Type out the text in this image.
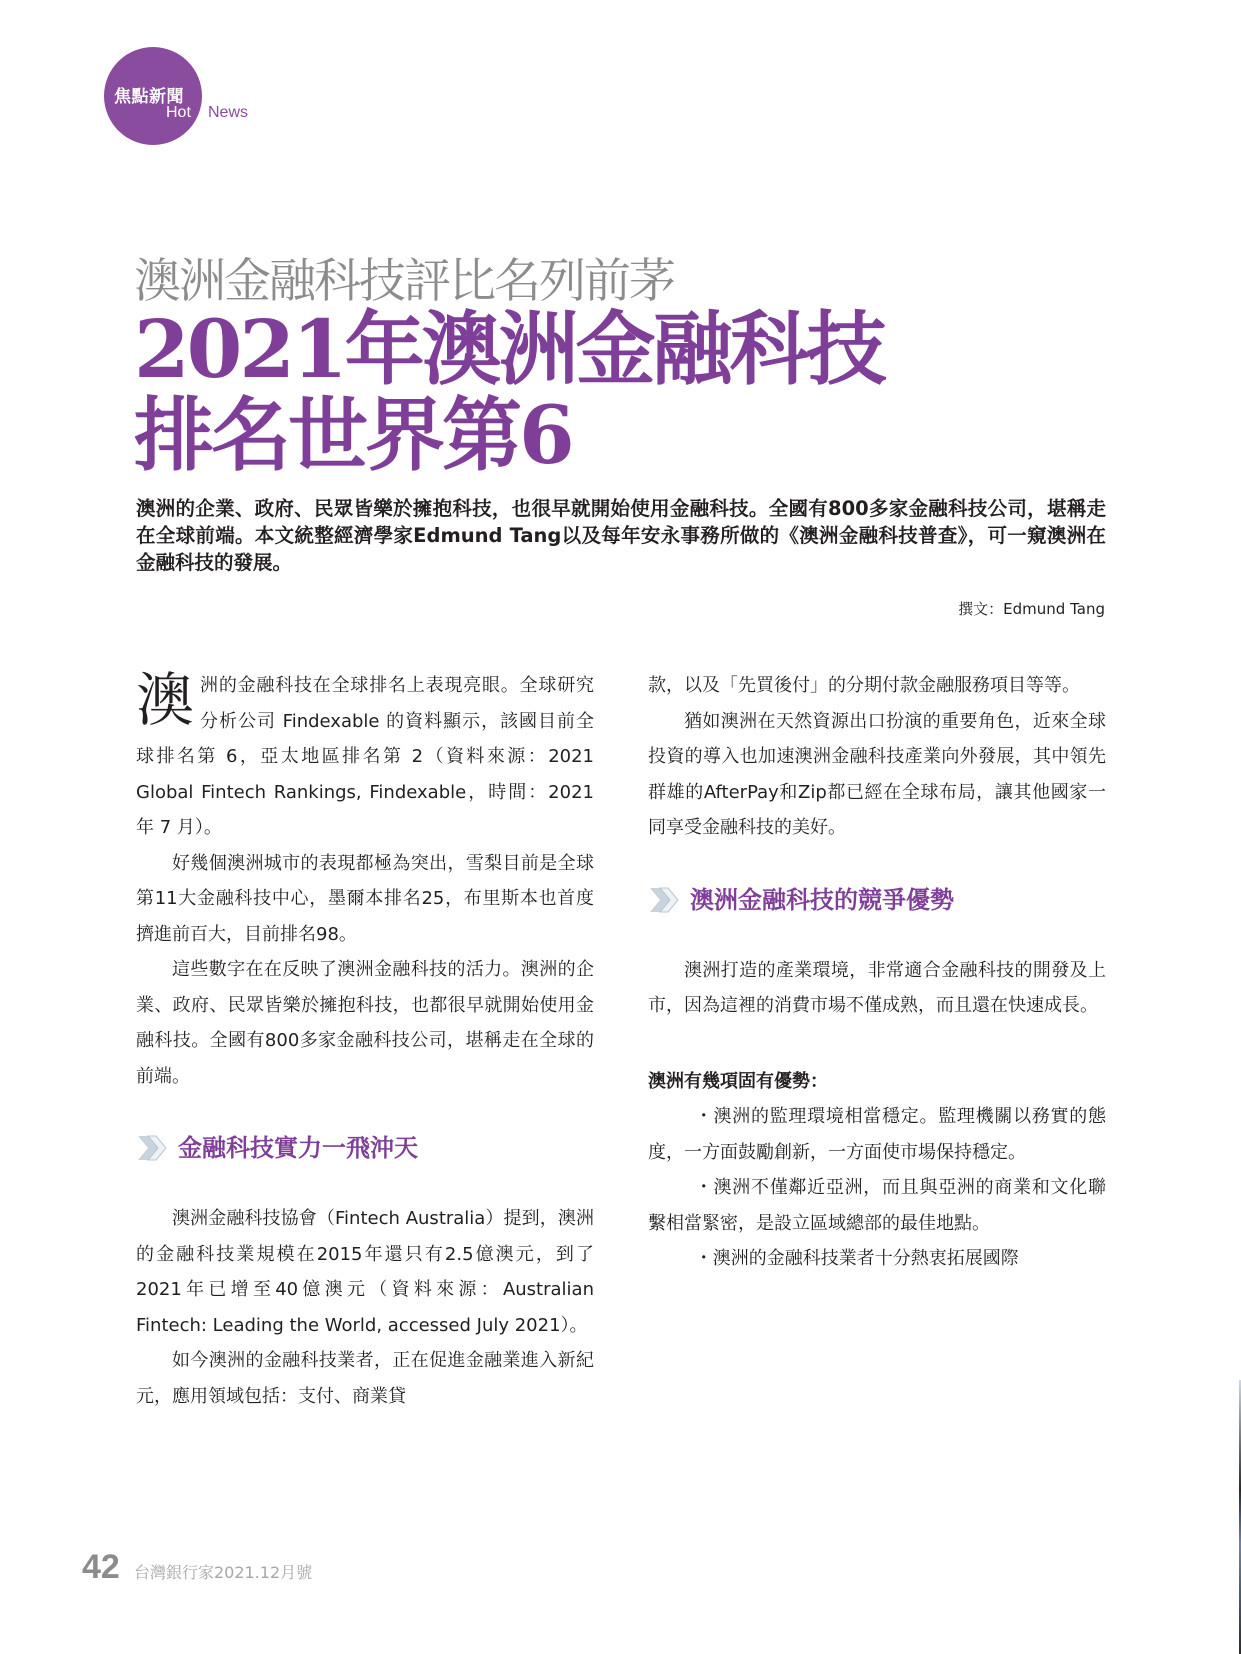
焦點新聞
Hot News
澳洲金融科技評比名列前茅
2021年澳洲金融科技
排名世界第6
澳洲的企業、政府、民眾皆樂於擁抱科技，也很早就開始使用金融科技。全國有800多家金融科技公司，堪稱走在全球前端。本文統整經濟學家Edmund Tang以及每年安永事務所做的《澳洲金融科技普查》，可一窺澳洲在金融科技的發展。
撰文：Edmund Tang

澳洲的金融科技在全球排名上表現亮眼。全球研究分析公司 Findexable 的資料顯示，該國目前全球排名第 6，亞太地區排名第 2（資料來源：2021 Global Fintech Rankings, Findexable，時間：2021 年 7 月）。

好幾個澳洲城市的表現都極為突出，雪梨目前是全球第11大金融科技中心，墨爾本排名25，布里斯本也首度擠進前百大，目前排名98。

這些數字在在反映了澳洲金融科技的活力。澳洲的企業、政府、民眾皆樂於擁抱科技，也都很早就開始使用金融科技。全國有800多家金融科技公司，堪稱走在全球的前端。

金融科技實力一飛沖天

澳洲金融科技協會（Fintech Australia）提到，澳洲的金融科技業規模在2015年還只有2.5億澳元，到了2021年已增至40億澳元（資料來源：Australian Fintech: Leading the World, accessed July 2021）。

如今澳洲的金融科技業者，正在促進金融業進入新紀元，應用領域包括：支付、商業貸

款，以及「先買後付」的分期付款金融服務項目等等。

猶如澳洲在天然資源出口扮演的重要角色，近來全球投資的導入也加速澳洲金融科技產業向外發展，其中領先群雄的AfterPay和Zip都已經在全球布局，讓其他國家一同享受金融科技的美好。

澳洲金融科技的競爭優勢

澳洲打造的產業環境，非常適合金融科技的開發及上市，因為這裡的消費市場不僅成熟，而且還在快速成長。

澳洲有幾項固有優勢：

・澳洲的監理環境相當穩定。監理機關以務實的態度，一方面鼓勵創新，一方面使市場保持穩定。

・澳洲不僅鄰近亞洲，而且與亞洲的商業和文化聯繫相當緊密，是設立區域總部的最佳地點。

・澳洲的金融科技業者十分熱衷拓展國際

42 台灣銀行家2021.12月號
